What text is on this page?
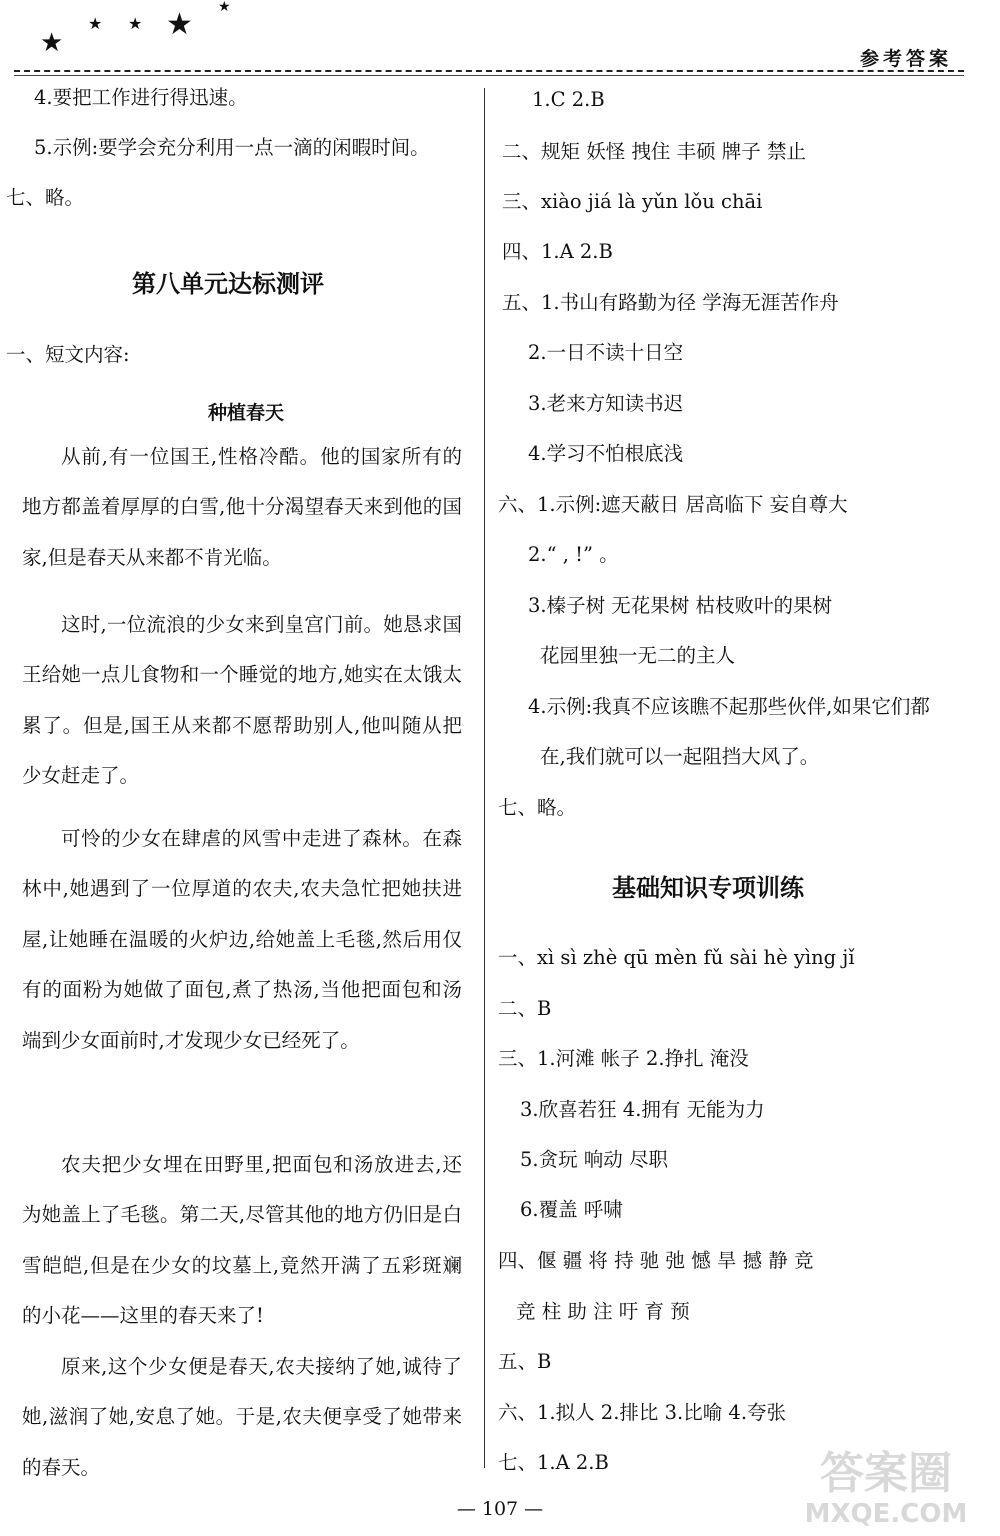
★
★ ★ ★ ★
参考答案
4.要把工作进行得迅速。
5.示例:要学会充分利用一点一滴的闲暇时间。
七、略。
第八单元达标测评
一、短文内容:
种植春天

从前,有一位国王,性格冷酷。他的国家所有的地方都盖着厚厚的白雪,他十分渴望春天来到他的国家,但是春天从来都不肯光临。

这时,一位流浪的少女来到皇宫门前。她恳求国王给她一点儿食物和一个睡觉的地方,她实在太饿太累了。但是,国王从来都不愿帮助别人,他叫随从把少女赶走了。

可怜的少女在肆虐的风雪中走进了森林。在森林中,她遇到了一位厚道的农夫,农夫急忙把她扶进屋,让她睡在温暖的火炉边,给她盖上毛毯,然后用仅有的面粉为她做了面包,煮了热汤,当他把面包和汤端到少女面前时,才发现少女已经死了。

农夫把少女埋在田野里,把面包和汤放进去,还为她盖上了毛毯。第二天,尽管其他的地方仍旧是白雪皑皑,但是在少女的坟墓上,竟然开满了五彩斑斓的小花——这里的春天来了!

原来,这个少女便是春天,农夫接纳了她,诚待了她,滋润了她,安息了她。于是,农夫便享受了她带来的春天。

1.C 2.B
二、规矩 妖怪 拽住 丰硕 牌子 禁止
三、xiào jiá là yǔn lǒu chāi
四、1.A 2.B
五、1.书山有路勤为径 学海无涯苦作舟
2.一日不读十日空
3.老来方知读书迟
4.学习不怕根底浅
六、1.示例:遮天蔽日 居高临下 妄自尊大
2.“ , !” 。
3.榛子树 无花果树 枯枝败叶的果树
花园里独一无二的主人
4.示例:我真不应该瞧不起那些伙伴,如果它们都
在,我们就可以一起阻挡大风了。
七、略。
基础知识专项训练
一、xì sì zhè qū mèn fǔ sài hè yìng jǐ
二、B
三、1.河滩 帐子 2.挣扎 淹没
3.欣喜若狂 4.拥有 无能为力
5.贪玩 响动 尽职
6.覆盖 呼啸
四、偃 疆 将 持 驰 弛 憾 旱 撼 静 竞
竞 柱 助 注 吁 育 预
五、B
六、1.拟人 2.排比 3.比喻 4.夸张
七、1.A 2.B
— 107 —
答案圈
MXQE.COM
